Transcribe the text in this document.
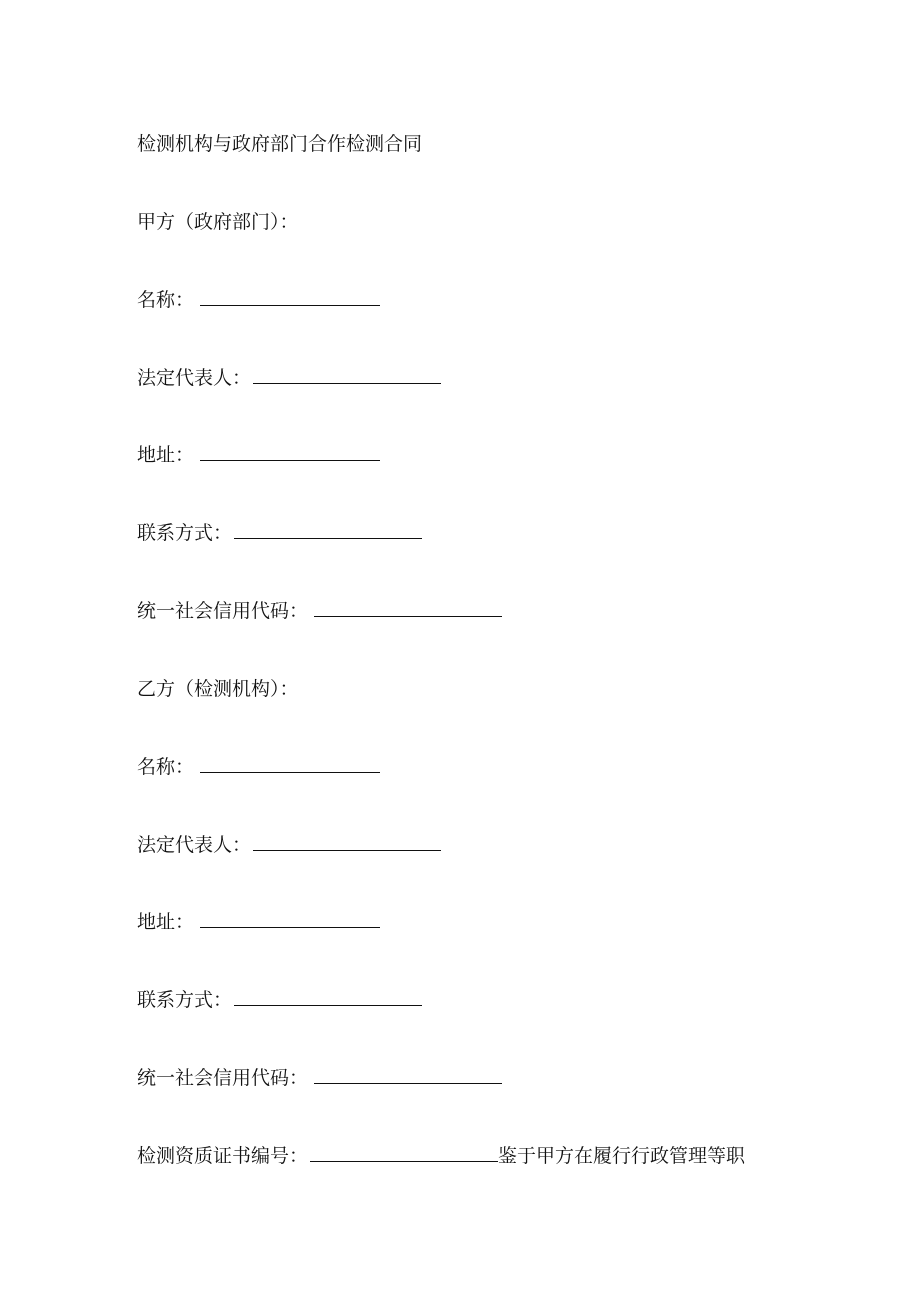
检测机构与政府部门合作检测合同
甲方（政府部门）：
名称：
法定代表人：
地址：
联系方式：
统一社会信用代码：
乙方（检测机构）：
名称：
法定代表人：
地址：
联系方式：
统一社会信用代码：
检测资质证书编号：	鉴于甲方在履行行政管理等职
